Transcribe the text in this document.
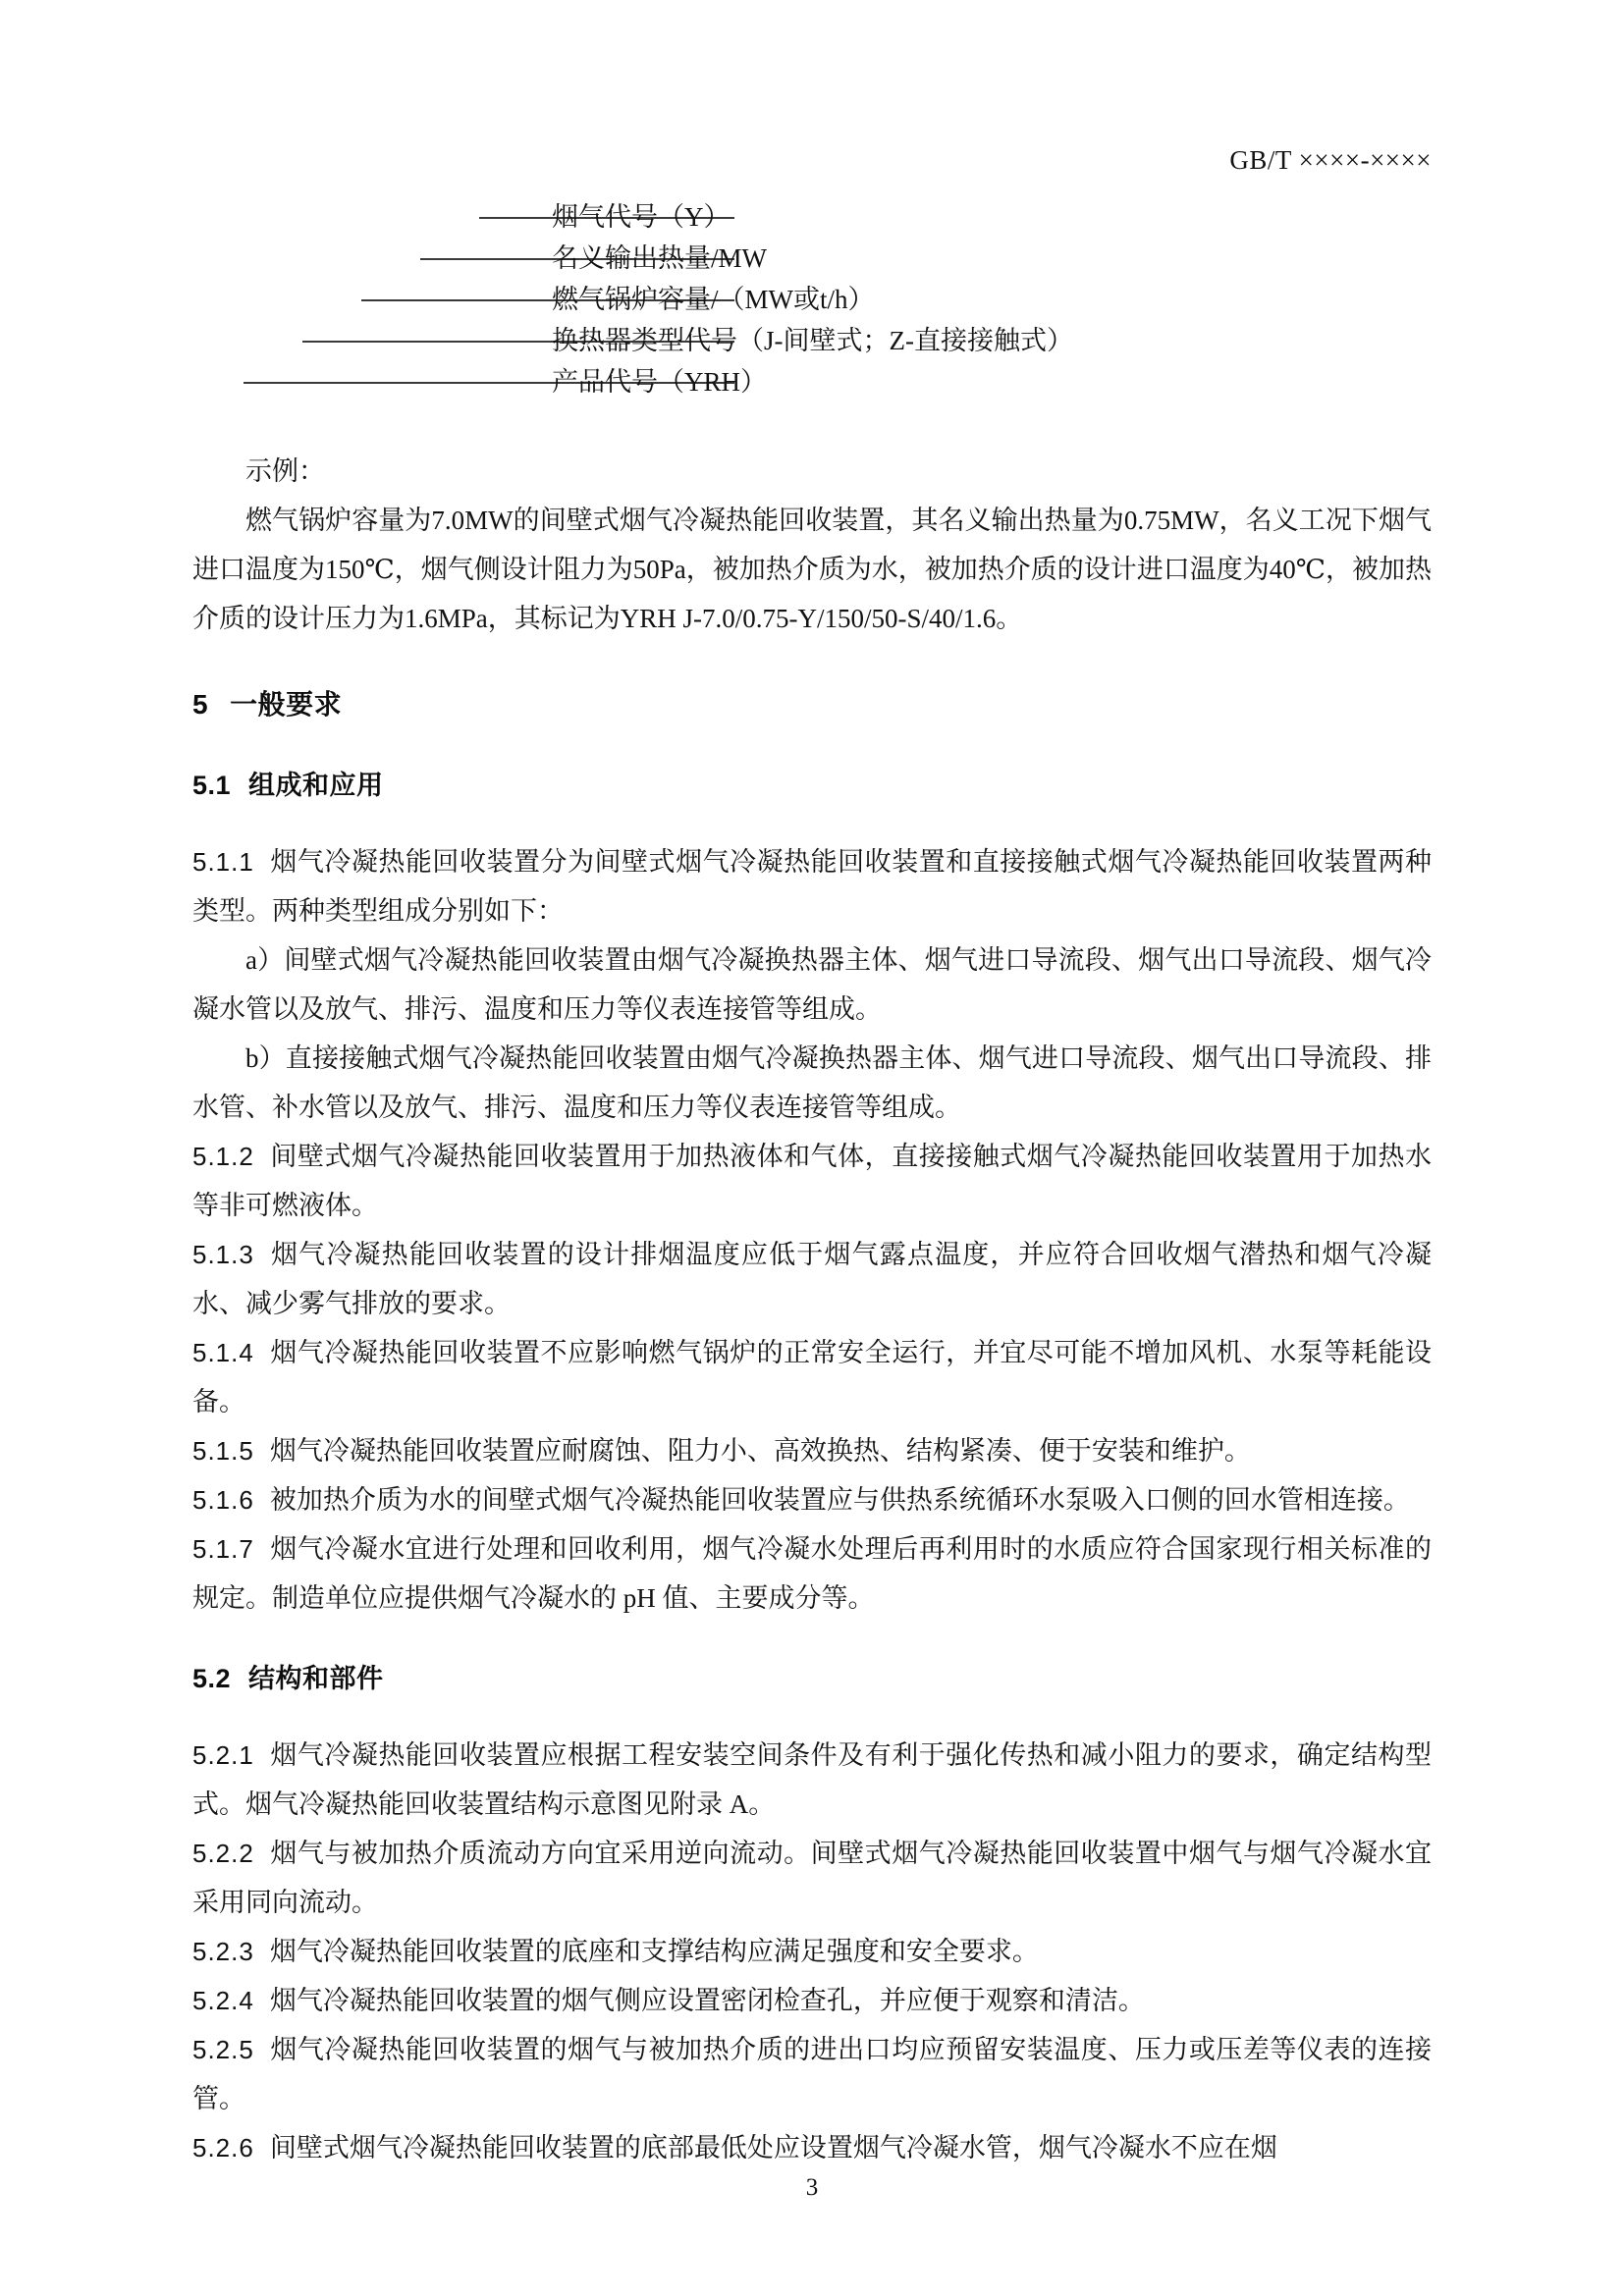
GB/T ××××-××××
烟气代号（Y）
名义输出热量/MW
燃气锅炉容量/（MW或t/h）
换热器类型代号（J-间壁式；Z-直接接触式）
产品代号（YRH）

示例：

燃气锅炉容量为7.0MW的间壁式烟气冷凝热能回收装置，其名义输出热量为0.75MW，名义工况下烟气进口温度为150℃，烟气侧设计阻力为50Pa，被加热介质为水，被加热介质的设计进口温度为40℃，被加热介质的设计压力为1.6MPa，其标记为YRH J-7.0/0.75-Y/150/50-S/40/1.6。

5 一般要求
5.1 组成和应用

5.1.1 烟气冷凝热能回收装置分为间壁式烟气冷凝热能回收装置和直接接触式烟气冷凝热能回收装置两种类型。两种类型组成分别如下：

a）间壁式烟气冷凝热能回收装置由烟气冷凝换热器主体、烟气进口导流段、烟气出口导流段、烟气冷凝水管以及放气、排污、温度和压力等仪表连接管等组成。

b）直接接触式烟气冷凝热能回收装置由烟气冷凝换热器主体、烟气进口导流段、烟气出口导流段、排水管、补水管以及放气、排污、温度和压力等仪表连接管等组成。

5.1.2 间壁式烟气冷凝热能回收装置用于加热液体和气体，直接接触式烟气冷凝热能回收装置用于加热水等非可燃液体。

5.1.3 烟气冷凝热能回收装置的设计排烟温度应低于烟气露点温度，并应符合回收烟气潜热和烟气冷凝水、减少雾气排放的要求。

5.1.4 烟气冷凝热能回收装置不应影响燃气锅炉的正常安全运行，并宜尽可能不增加风机、水泵等耗能设备。

5.1.5 烟气冷凝热能回收装置应耐腐蚀、阻力小、高效换热、结构紧凑、便于安装和维护。

5.1.6 被加热介质为水的间壁式烟气冷凝热能回收装置应与供热系统循环水泵吸入口侧的回水管相连接。

5.1.7 烟气冷凝水宜进行处理和回收利用，烟气冷凝水处理后再利用时的水质应符合国家现行相关标准的规定。制造单位应提供烟气冷凝水的 pH 值、主要成分等。

5.2 结构和部件

5.2.1 烟气冷凝热能回收装置应根据工程安装空间条件及有利于强化传热和减小阻力的要求，确定结构型式。烟气冷凝热能回收装置结构示意图见附录 A。

5.2.2 烟气与被加热介质流动方向宜采用逆向流动。间壁式烟气冷凝热能回收装置中烟气与烟气冷凝水宜采用同向流动。

5.2.3 烟气冷凝热能回收装置的底座和支撑结构应满足强度和安全要求。

5.2.4 烟气冷凝热能回收装置的烟气侧应设置密闭检查孔，并应便于观察和清洁。

5.2.5 烟气冷凝热能回收装置的烟气与被加热介质的进出口均应预留安装温度、压力或压差等仪表的连接管。

5.2.6 间壁式烟气冷凝热能回收装置的底部最低处应设置烟气冷凝水管，烟气冷凝水不应在烟

3
